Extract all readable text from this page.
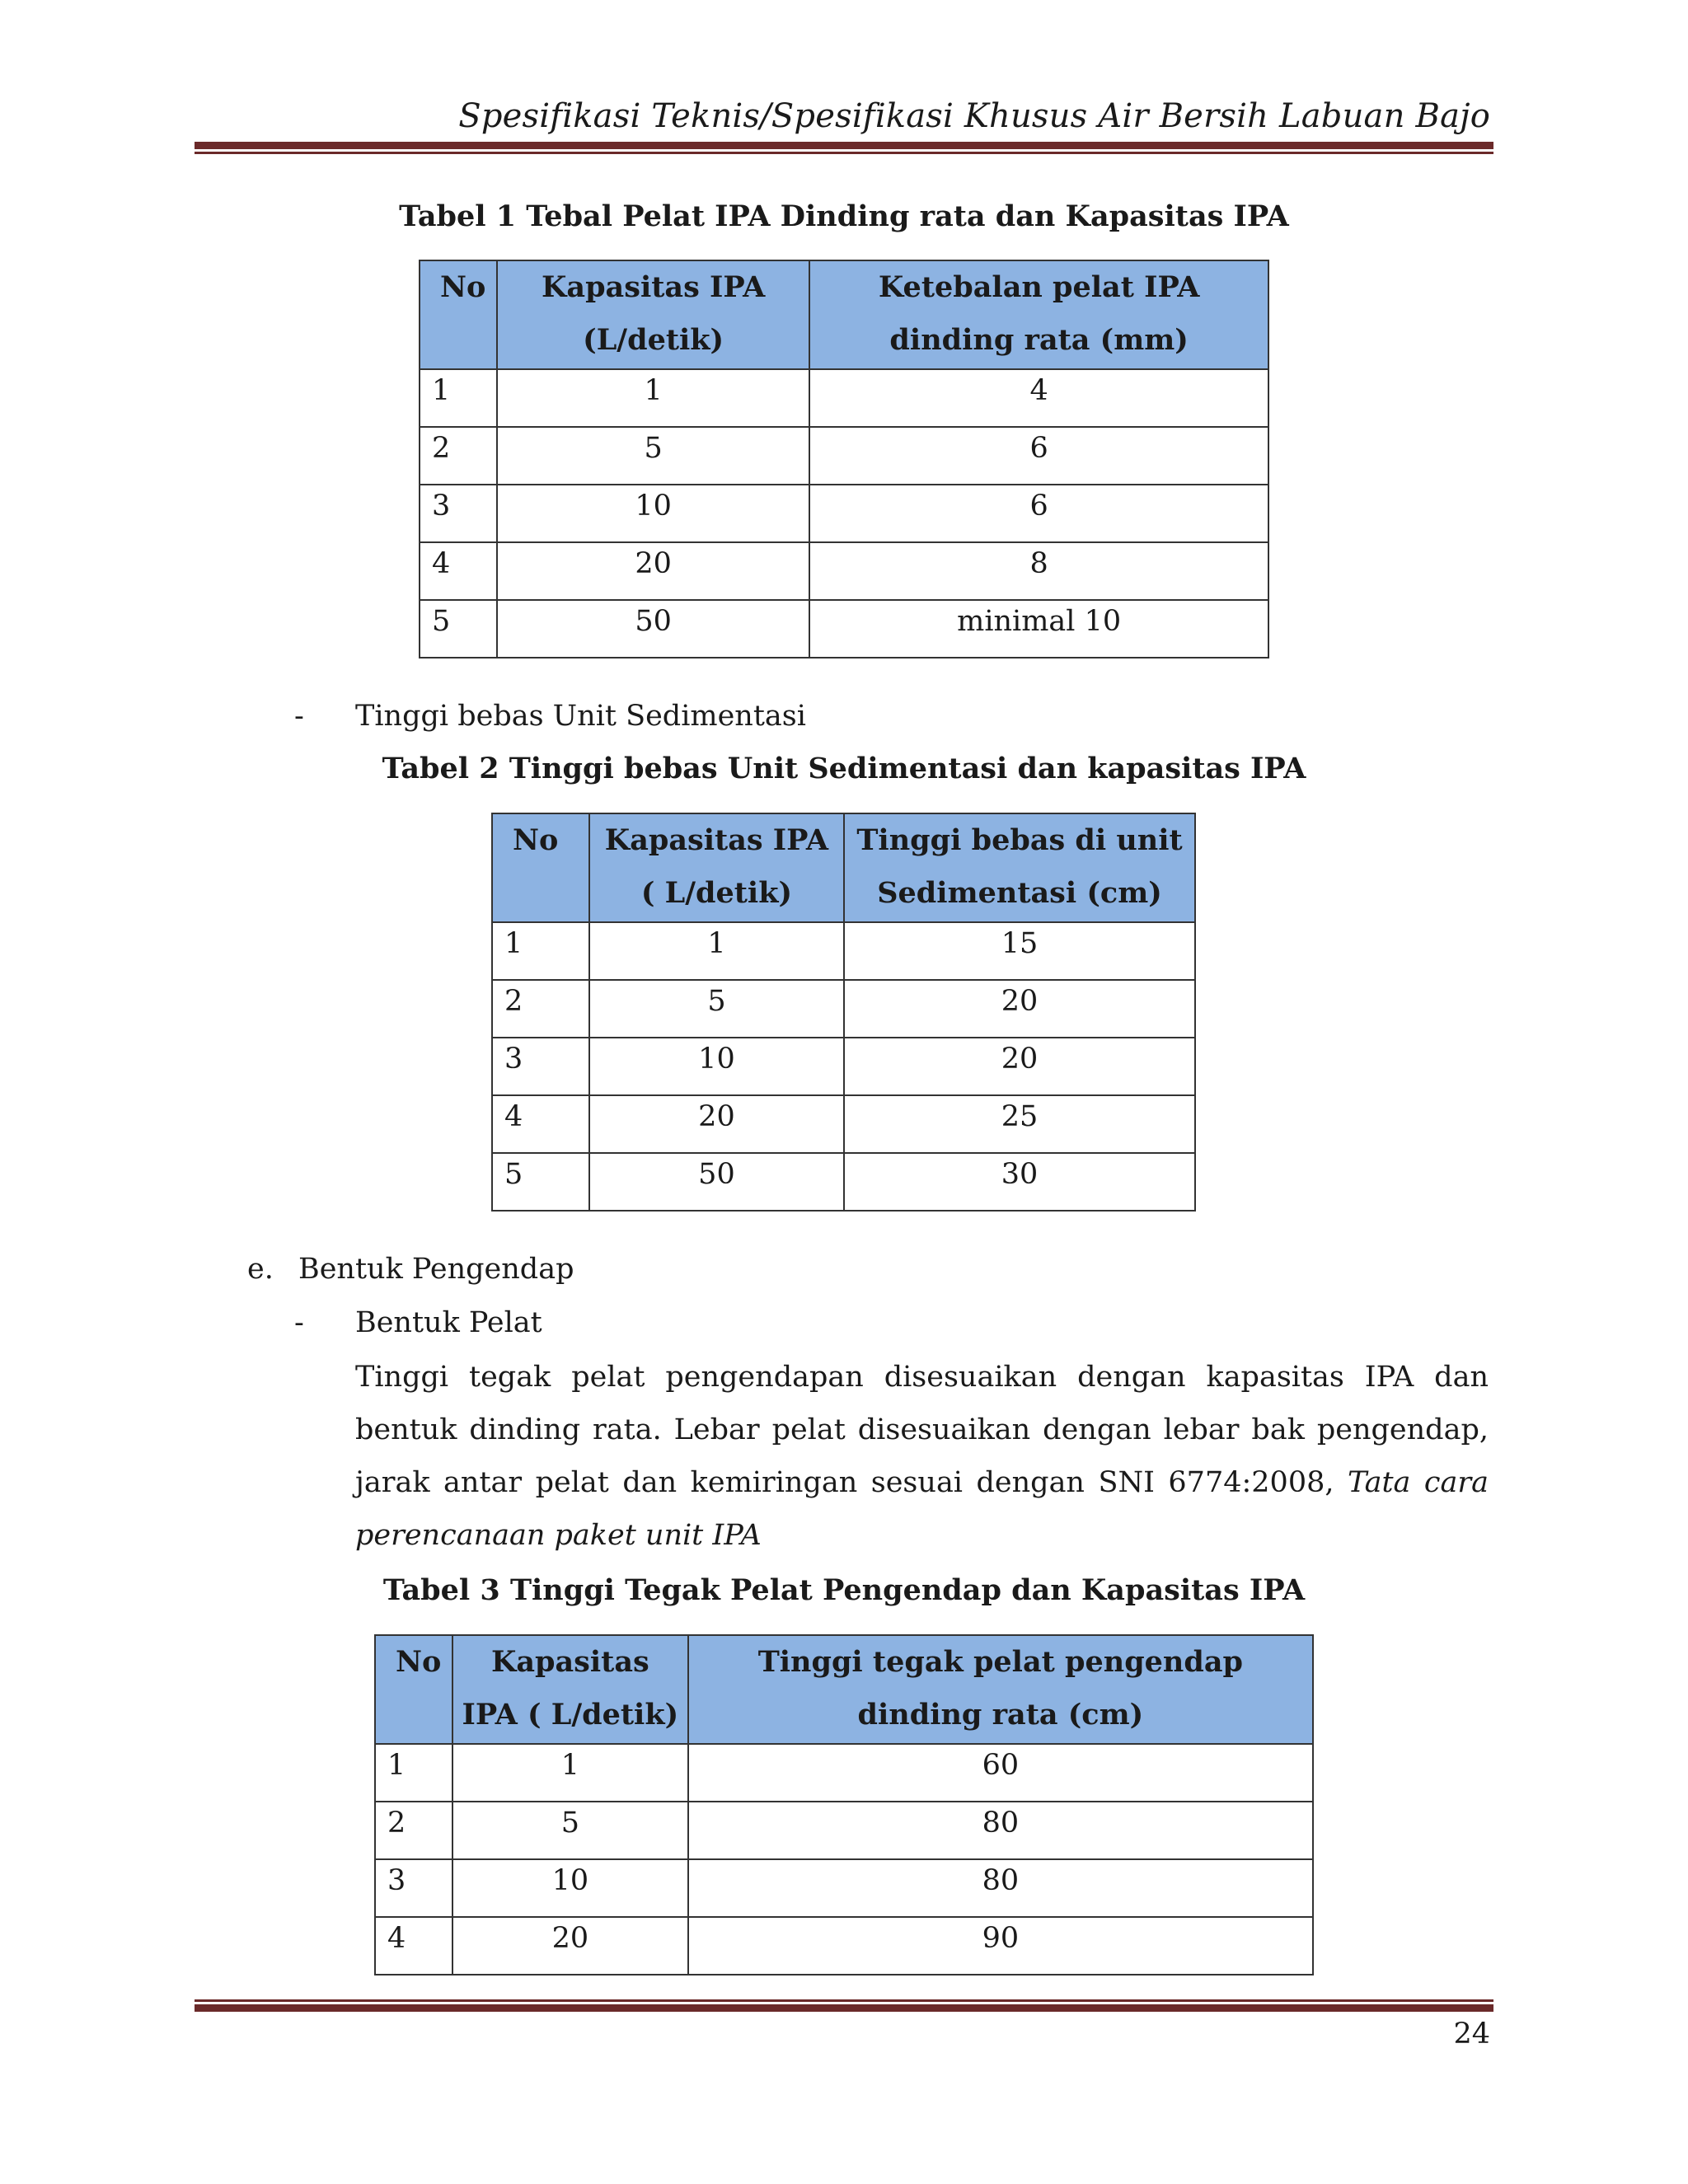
Spesifikasi Teknis/Spesifikasi Khusus Air Bersih Labuan Bajo
Tabel 1 Tebal Pelat IPA Dinding rata dan Kapasitas IPA
No	Kapasitas IPA (L/detik)	Ketebalan pelat IPA dinding rata (mm)
1	1	4
2	5	6
3	10	6
4	20	8
5	50	minimal 10
- Tinggi bebas Unit Sedimentasi
Tabel 2 Tinggi bebas Unit Sedimentasi dan kapasitas IPA
No	Kapasitas IPA ( L/detik)	Tinggi bebas di unit Sedimentasi (cm)
1	1	15
2	5	20
3	10	20
4	20	25
5	50	30
e. Bentuk Pengendap
- Bentuk Pelat
Tinggi tegak pelat pengendapan disesuaikan dengan kapasitas IPA dan bentuk dinding rata. Lebar pelat disesuaikan dengan lebar bak pengendap, jarak antar pelat dan kemiringan sesuai dengan SNI 6774:2008, Tata cara perencanaan paket unit IPA
Tabel 3 Tinggi Tegak Pelat Pengendap dan Kapasitas IPA
No	Kapasitas IPA ( L/detik)	Tinggi tegak pelat pengendap dinding rata (cm)
1	1	60
2	5	80
3	10	80
4	20	90
24
